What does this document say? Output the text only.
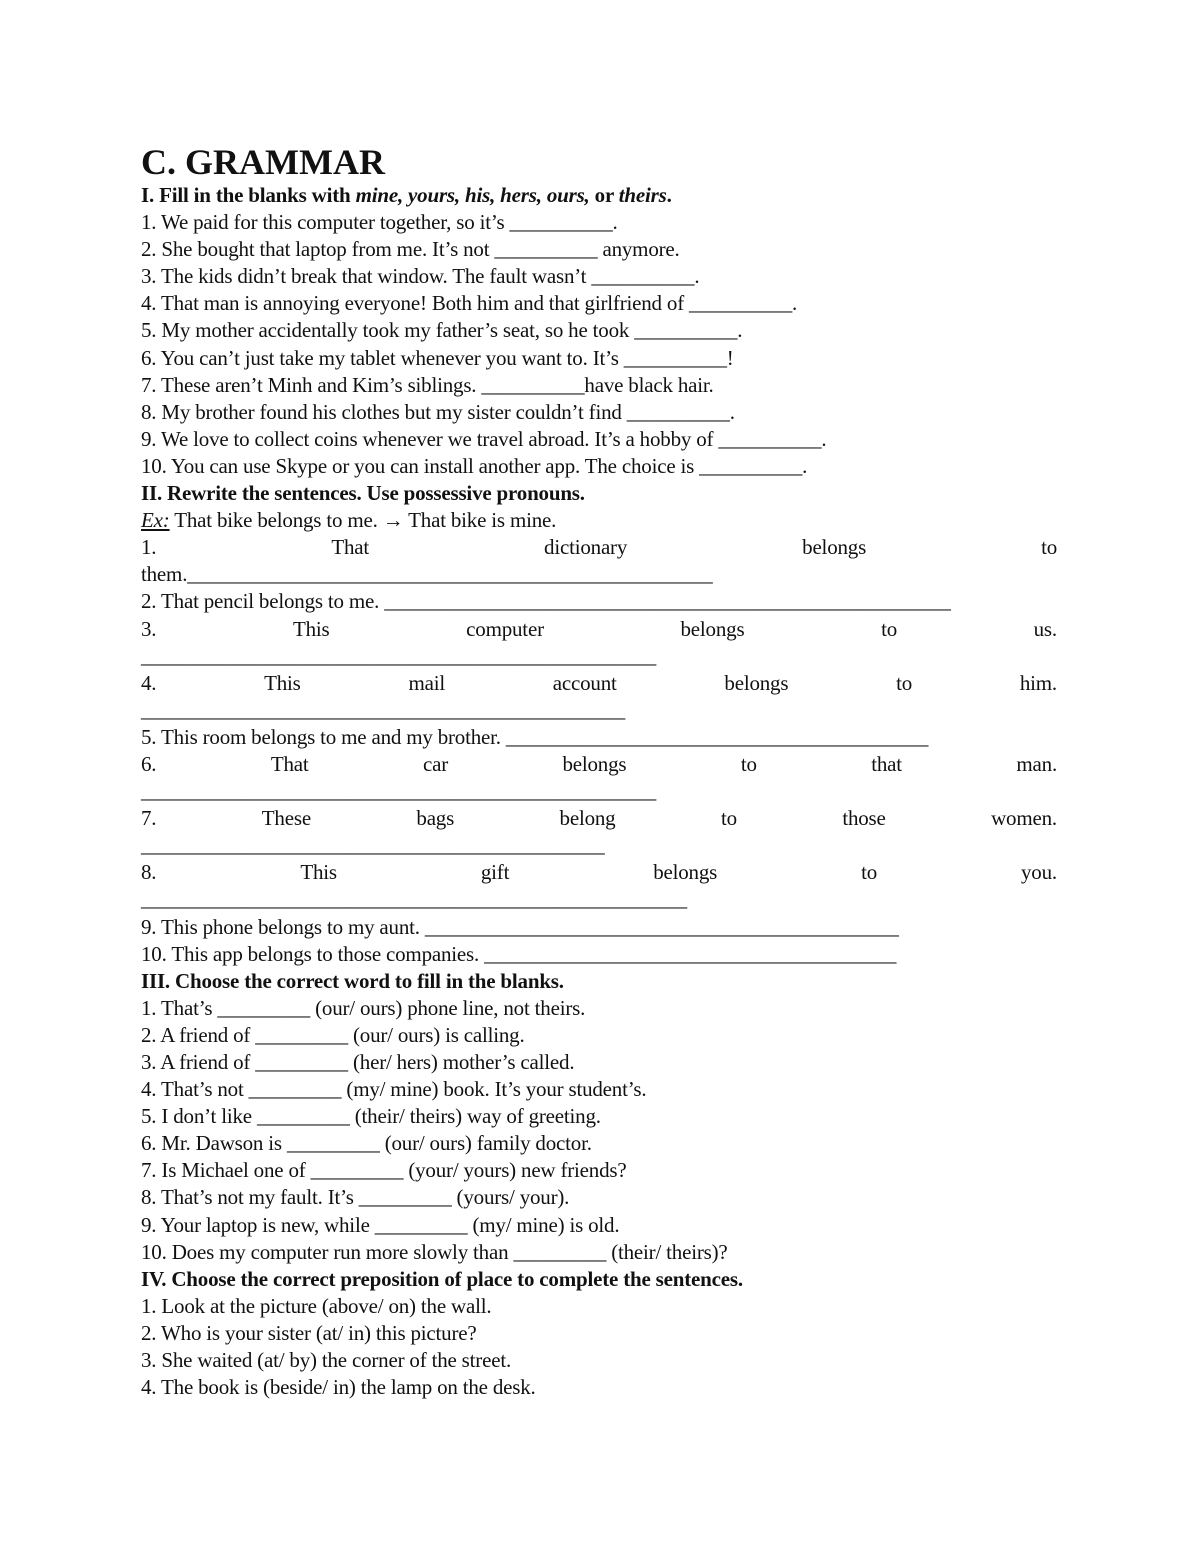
C. GRAMMAR
I. Fill in the blanks with mine, yours, his, hers, ours, or theirs.
1. We paid for this computer together, so it’s __________.
2. She bought that laptop from me. It’s not __________ anymore.
3. The kids didn’t break that window. The fault wasn’t __________.
4. That man is annoying everyone! Both him and that girlfriend of __________.
5. My mother accidentally took my father’s seat, so he took __________.
6. You can’t just take my tablet whenever you want to. It’s __________!
7. These aren’t Minh and Kim’s siblings. __________have black hair.
8. My brother found his clothes but my sister couldn’t find __________.
9. We love to collect coins whenever we travel abroad. It’s a hobby of __________.
10. You can use Skype or you can install another app. The choice is __________.
II. Rewrite the sentences. Use possessive pronouns.
Ex: That bike belongs to me. → That bike is mine.
1.	That	dictionary	belongs	to
them.___________________________________________________
2. That pencil belongs to me. _______________________________________________________
3.	This	computer	belongs	to	us.
__________________________________________________
4.	This	mail	account	belongs	to	him.
_______________________________________________
5. This room belongs to me and my brother. _________________________________________
6.	That	car	belongs	to	that	man.
__________________________________________________
7.	These	bags	belong	to	those	women.
_____________________________________________
8.	This	gift	belongs	to	you.
_____________________________________________________
9. This phone belongs to my aunt. ______________________________________________
10. This app belongs to those companies. ________________________________________
III. Choose the correct word to fill in the blanks.
1. That’s _________ (our/ ours) phone line, not theirs.
2. A friend of _________ (our/ ours) is calling.
3. A friend of _________ (her/ hers) mother’s called.
4. That’s not _________ (my/ mine) book. It’s your student’s.
5. I don’t like _________ (their/ theirs) way of greeting.
6. Mr. Dawson is _________ (our/ ours) family doctor.
7. Is Michael one of _________ (your/ yours) new friends?
8. That’s not my fault. It’s _________ (yours/ your).
9. Your laptop is new, while _________ (my/ mine) is old.
10. Does my computer run more slowly than _________ (their/ theirs)?
IV. Choose the correct preposition of place to complete the sentences.
1. Look at the picture (above/ on) the wall.
2. Who is your sister (at/ in) this picture?
3. She waited (at/ by) the corner of the street.
4. The book is (beside/ in) the lamp on the desk.
